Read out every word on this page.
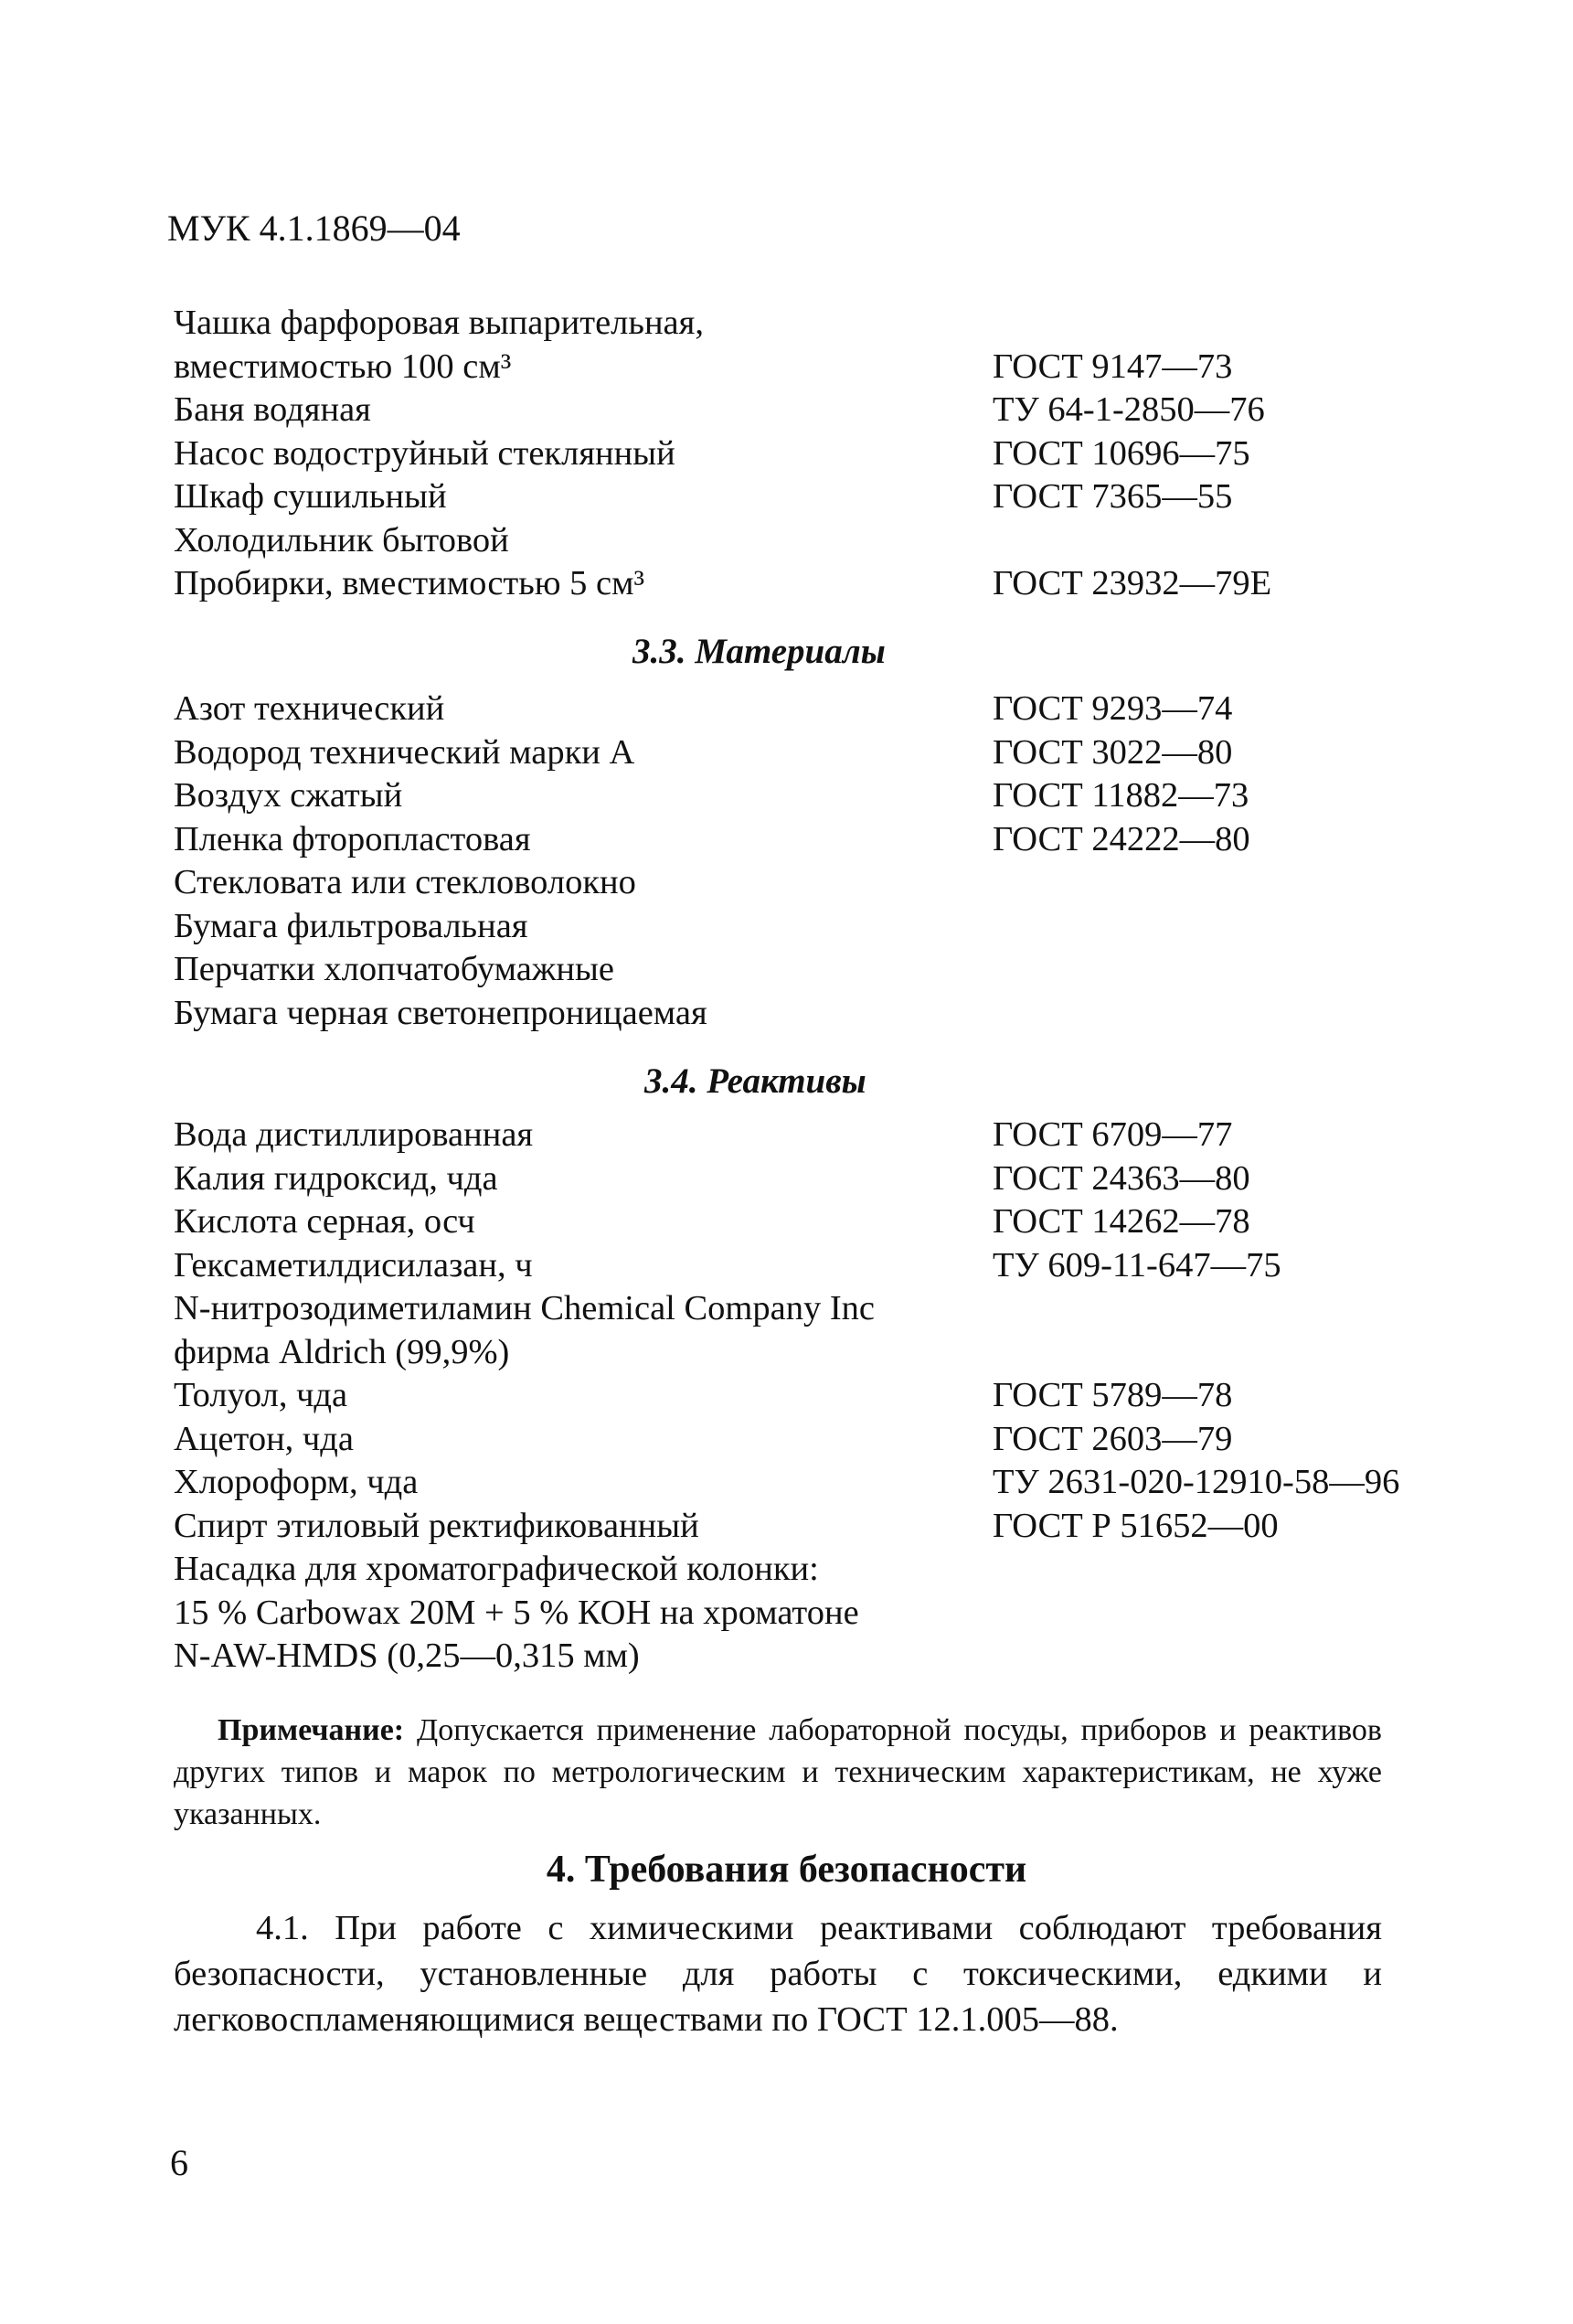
МУК 4.1.1869—04
Чашка фарфоровая выпарительная,
вместимостью 100 см³	ГОСТ 9147—73
Баня водяная	ТУ 64-1-2850—76
Насос водоструйный стеклянный	ГОСТ 10696—75
Шкаф сушильный	ГОСТ 7365—55
Холодильник бытовой
Пробирки, вместимостью 5 см³	ГОСТ 23932—79Е
3.3. Материалы
Азот технический	ГОСТ 9293—74
Водород технический марки А	ГОСТ 3022—80
Воздух сжатый	ГОСТ 11882—73
Пленка фторопластовая	ГОСТ 24222—80
Стекловата или стекловолокно
Бумага фильтровальная
Перчатки хлопчатобумажные
Бумага черная светонепроницаемая
3.4. Реактивы
Вода дистиллированная	ГОСТ 6709—77
Калия гидроксид, чда	ГОСТ 24363—80
Кислота серная, осч	ГОСТ 14262—78
Гексаметилдисилазан, ч	ТУ 609-11-647—75
N-нитрозодиметиламин Chemical Company Inc
фирма Aldrich (99,9%)
Толуол, чда	ГОСТ 5789—78
Ацетон, чда	ГОСТ 2603—79
Хлороформ, чда	ТУ 2631-020-12910-58—96
Спирт этиловый ректификованный	ГОСТ Р 51652—00
Насадка для хроматографической колонки:
15 % Carbowax 20M + 5 % КОН на хроматоне
N-AW-HMDS (0,25—0,315 мм)
Примечание: Допускается применение лабораторной посуды, приборов и реактивов других типов и марок по метрологическим и техническим характеристикам, не хуже указанных.
4. Требования безопасности
4.1. При работе с химическими реактивами соблюдают требования безопасности, установленные для работы с токсическими, едкими и легковоспламеняющимися веществами по ГОСТ 12.1.005—88.
6
